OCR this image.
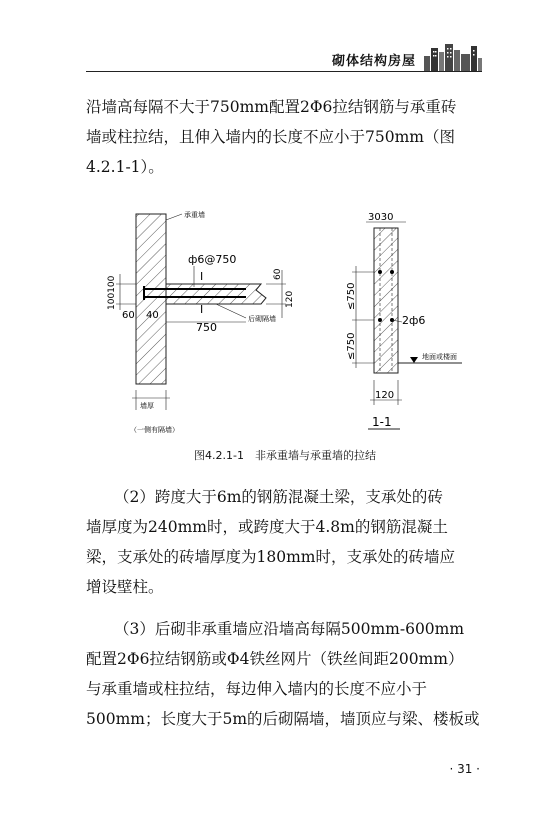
砌体结构房屋

沿墙高每隔不大于750mm配置2Φ6拉结钢筋与承重砖

墙或柱拉结，且伸入墙内的长度不应小于750mm（图

4.2.1-1）。

承重墙
ф6@750
I
I
60
120
后砌隔墙
100100
60 40
750
墙厚
（一侧有隔墙）
3030
≤750
≤750
2ф6
地面或楼面
120
1-1
图4.2.1-1　非承重墙与承重墙的拉结

（2）跨度大于6m的钢筋混凝土梁，支承处的砖

墙厚度为240mm时，或跨度大于4.8m的钢筋混凝土

梁，支承处的砖墙厚度为180mm时，支承处的砖墙应

增设壁柱。

（3）后砌非承重墙应沿墙高每隔500mm-600mm

配置2Φ6拉结钢筋或Φ4铁丝网片（铁丝间距200mm）

与承重墙或柱拉结，每边伸入墙内的长度不应小于

500mm；长度大于5m的后砌隔墙，墙顶应与梁、楼板或

· 31 ·
